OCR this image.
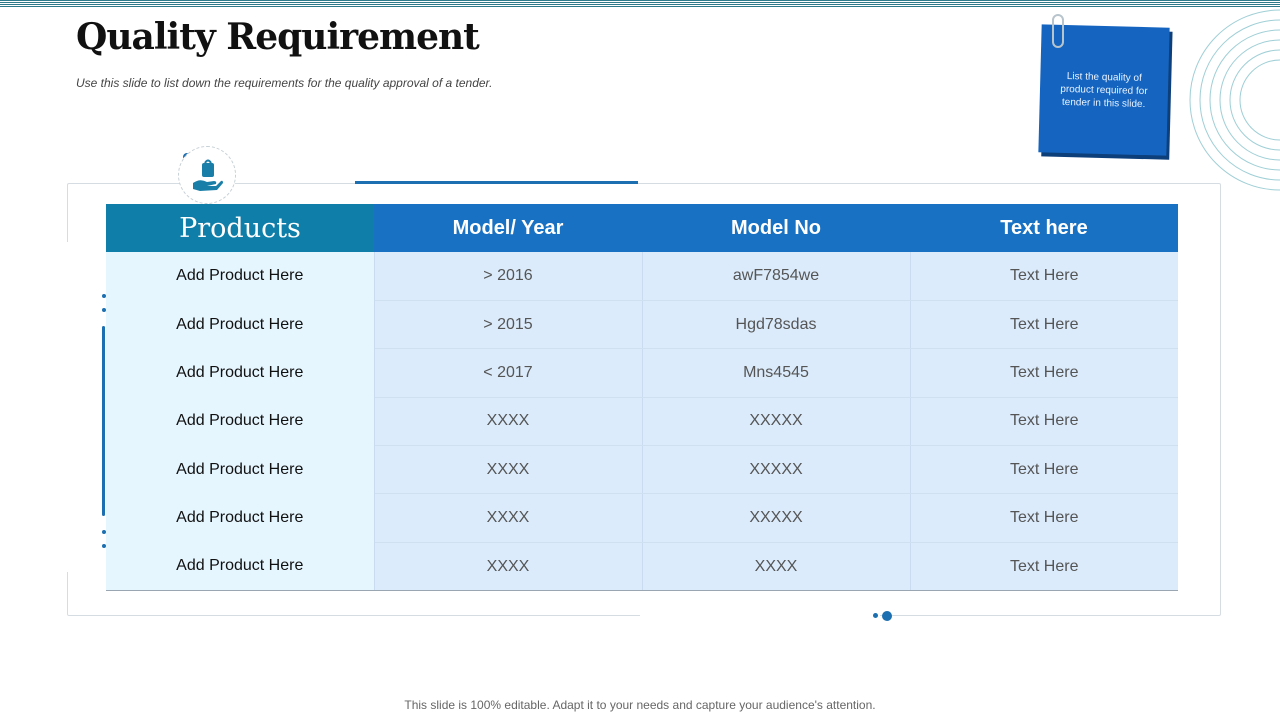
Quality Requirement

Use this slide to list down the requirements for the quality approval of a tender.	List the quality of product required for tender in this slide.
Products	Model/ Year	Model No	Text here
Add Product Here	> 2016	awF7854we	Text Here
Add Product Here	> 2015	Hgd78sdas	Text Here
Add Product Here	< 2017	Mns4545	Text Here
Add Product Here	XXXX	XXXXX	Text Here
Add Product Here	XXXX	XXXXX	Text Here
Add Product Here	XXXX	XXXXX	Text Here
Add Product Here	XXXX	XXXX	Text Here
This slide is 100% editable. Adapt it to your needs and capture your audience's attention.
